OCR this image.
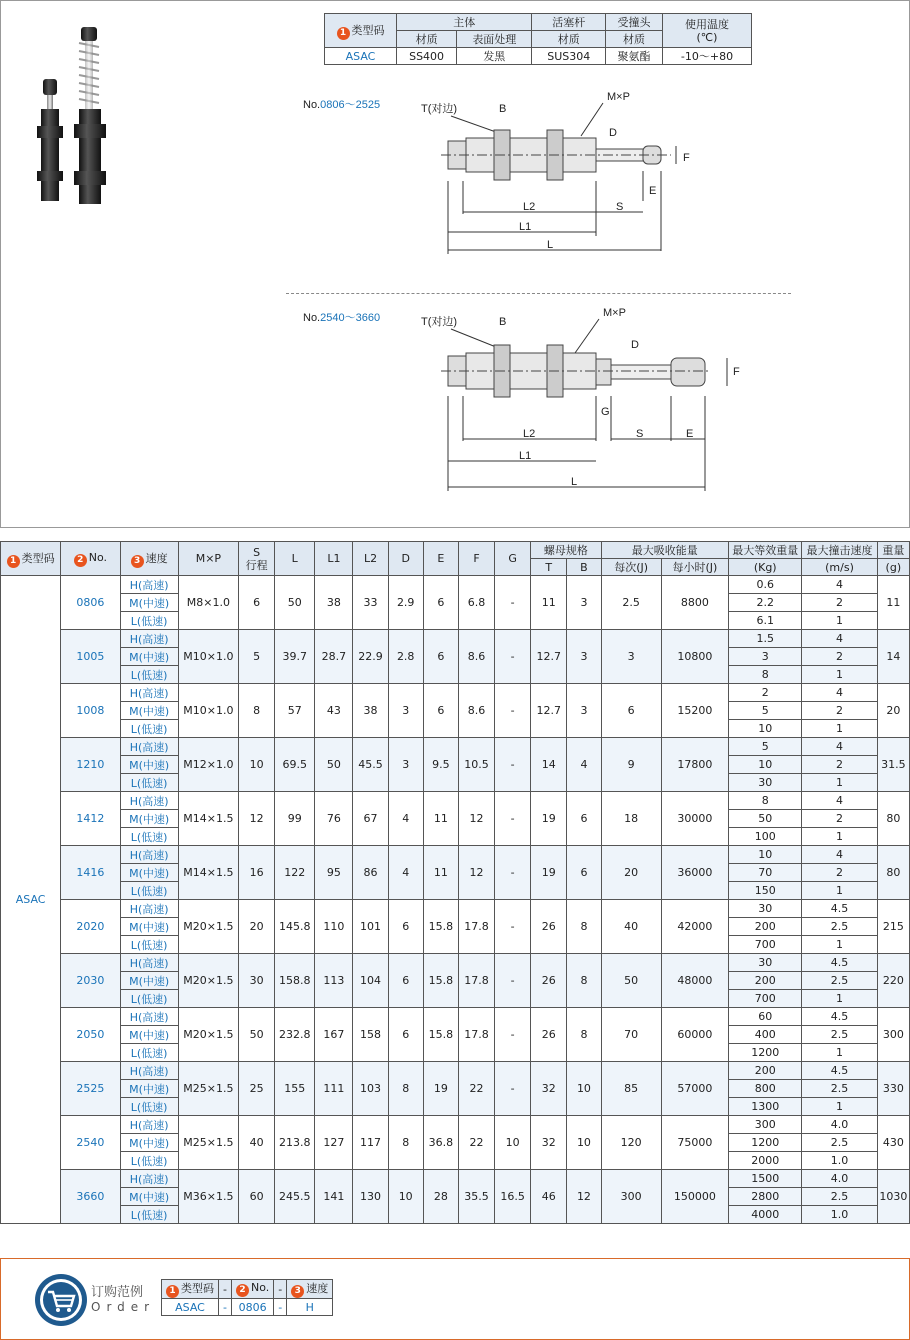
1 类型码	主体		活塞杆	受撞头	使用温度
(℃)
	材质	表面处理	材质	材质	
ASAC	SS400	发黑	SUS304	聚氨酯	-10～+80
No.0806～2525	T(对边)	B
M×P
D
F
E
L2	S
L1
L
No.2540～3660	T(对边)	B
M×P
D
F
G
L2	S	E
L1
L
1 类型码	2 No.	3 速度	M×P	S
行程	L	L1	L2	D	E	F	G	螺母规格		最大吸收能量		最大等效重量	最大撞击速度	重量
												T	B	每次(J)	每小时(J)	(Kg)	(m/s)	(g)
ASAC	0806	H(高速)	M8×1.0	6	50	38	33	2.9	6	6.8	-	11	3	2.5	8800	0.6	4	11
		M(中速)														2.2	2	
		L(低速)														6.1	1	
	1005	H(高速)	M10×1.0	5	39.7	28.7	22.9	2.8	6	8.6	-	12.7	3	3	10800	1.5	4	14
		M(中速)														3	2	
		L(低速)														8	1	
	1008	H(高速)	M10×1.0	8	57	43	38	3	6	8.6	-	12.7	3	6	15200	2	4	20
		M(中速)														5	2	
		L(低速)														10	1	
	1210	H(高速)	M12×1.0	10	69.5	50	45.5	3	9.5	10.5	-	14	4	9	17800	5	4	31.5
		M(中速)														10	2	
		L(低速)														30	1	
	1412	H(高速)	M14×1.5	12	99	76	67	4	11	12	-	19	6	18	30000	8	4	80
		M(中速)														50	2	
		L(低速)														100	1	
	1416	H(高速)	M14×1.5	16	122	95	86	4	11	12	-	19	6	20	36000	10	4	80
		M(中速)														70	2	
		L(低速)														150	1	
	2020	H(高速)	M20×1.5	20	145.8	110	101	6	15.8	17.8	-	26	8	40	42000	30	4.5	215
		M(中速)														200	2.5	
		L(低速)														700	1	
	2030	H(高速)	M20×1.5	30	158.8	113	104	6	15.8	17.8	-	26	8	50	48000	30	4.5	220
		M(中速)														200	2.5	
		L(低速)														700	1	
	2050	H(高速)	M20×1.5	50	232.8	167	158	6	15.8	17.8	-	26	8	70	60000	60	4.5	300
		M(中速)														400	2.5	
		L(低速)														1200	1	
	2525	H(高速)	M25×1.5	25	155	111	103	8	19	22	-	32	10	85	57000	200	4.5	330
		M(中速)														800	2.5	
		L(低速)														1300	1	
	2540	H(高速)	M25×1.5	40	213.8	127	117	8	36.8	22	10	32	10	120	75000	300	4.0	430
		M(中速)														1200	2.5	
		L(低速)														2000	1.0	
	3660	H(高速)	M36×1.5	60	245.5	141	130	10	28	35.5	16.5	46	12	300	150000	1500	4.0	1030
		M(中速)														2800	2.5	
		L(低速)														4000	1.0	
订购范例
Order
1 类型码	-	2 No.	-	3 速度
ASAC	-	0806	-	H
